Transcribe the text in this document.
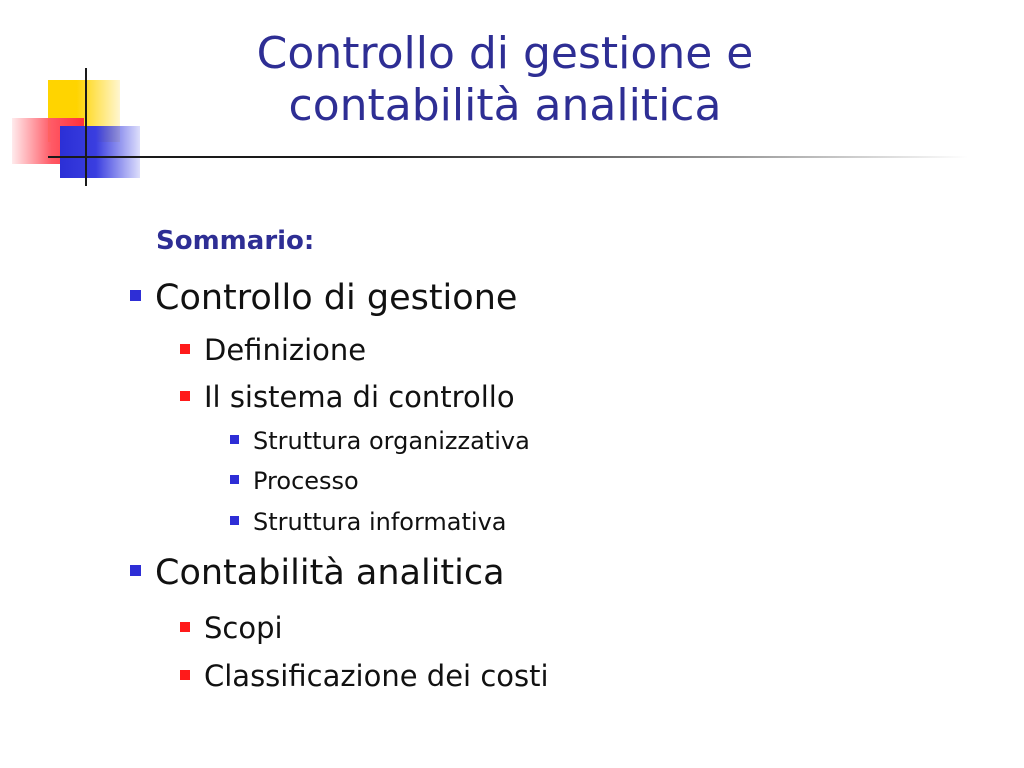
Controllo di gestione e
contabilità analitica
Sommario:
Controllo di gestione
Definizione
Il sistema di controllo
Struttura organizzativa
Processo
Struttura informativa
Contabilità analitica
Scopi
Classificazione dei costi
